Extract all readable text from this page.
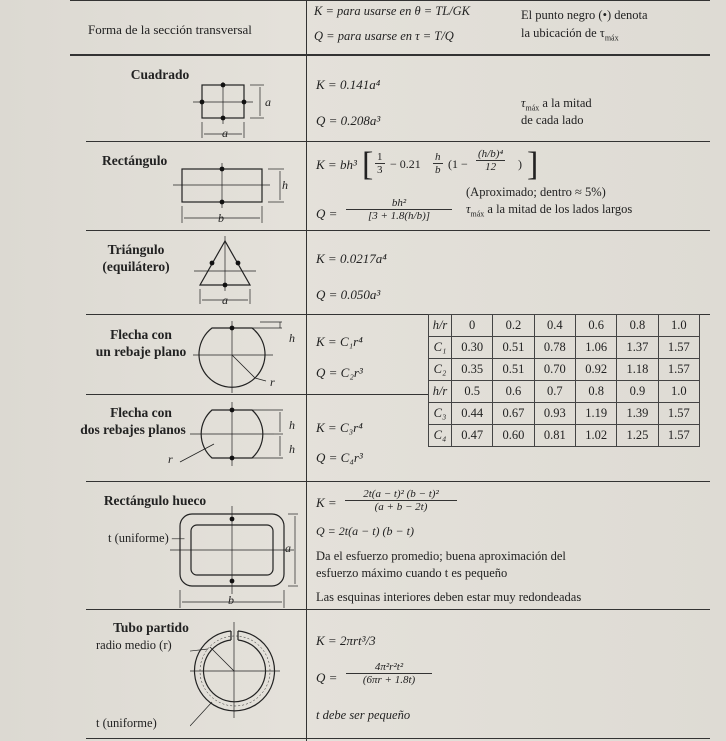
Forma de la sección transversal
K = para usarse en θ = TL/GK
Q = para usarse en τ = T/Q
El punto negro (•) denota
la ubicación de $\tau_{máx}$
Cuadrado
a
a
K = 0.141a⁴
Q = 0.208a³
$\tau_{máx}$ a la mitad
de cada lado
Rectángulo
h
b
K = bh³ [ $\frac{1}{3} - 0.21 \frac{h}{b} (1 - \frac{\text{(h/b)⁴}}{12}$ ) ]
$Q = \frac{\text{bh²}}{[3 + 1.8(h/b)]}$
(Aproximado; dentro ≈ 5%)
$\tau_{máx}$ a la mitad de los lados largos
Triángulo
(equilátero)
a
K = 0.0217a⁴
Q = 0.050a³
Flecha con
un rebaje plano
h
r
K = C₁r⁴
Q = C₂r³
Flecha con
dos rebajes planos	h
h
r
K = C₃r⁴
Q = C₄r³
h/r	0	0.2	0.4	0.6	0.8	1.0
C₁	0.30	0.51	0.78	1.06	1.37	1.57
C₂	0.35	0.51	0.70	0.92	1.18	1.57
h/r	0.5	0.6	0.7	0.8	0.9	1.0
C₃	0.44	0.67	0.93	1.19	1.39	1.57
C₄	0.47	0.60	0.81	1.02	1.25	1.57
Rectángulo hueco
t (uniforme) —
a
b
$K = \frac{\text{2t(a − t)² (b − t)²}}{(a + b - 2t)}$
Q = 2t(a − t) (b − t)
Da el esfuerzo promedio; buena aproximación del
esfuerzo máximo cuando t es pequeño
Las esquinas interiores deben estar muy redondeadas
Tubo partido
radio medio (r)
t (uniforme)
K = 2πrt³/3
$Q = \frac{\text{4π²r²t²}}{(6\pi r + 1.8t)}$
t debe ser pequeño
